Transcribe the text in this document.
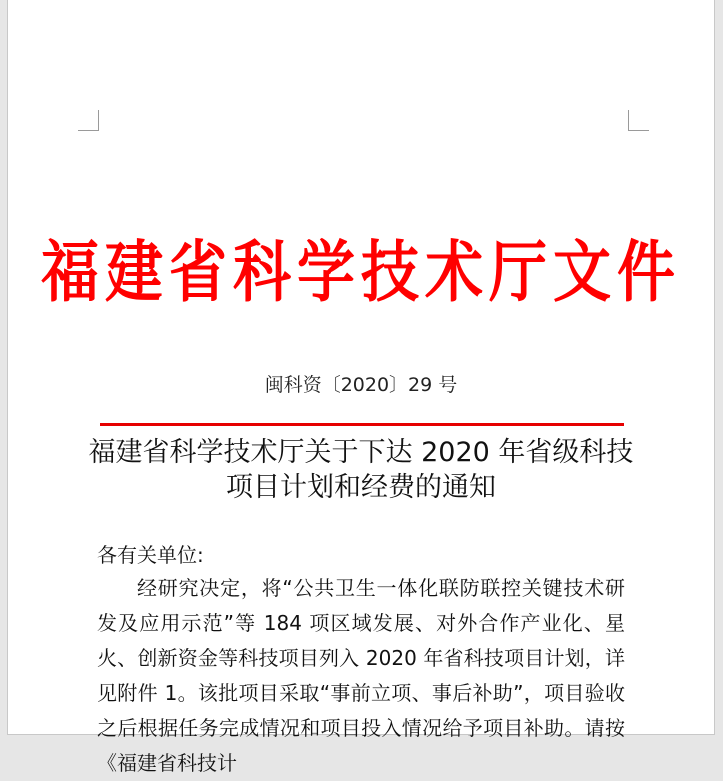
福建省科学技术厅文件
闽科资〔2020〕29 号
福建省科学技术厅关于下达 2020 年省级科技项目计划和经费的通知
各有关单位:
经研究决定，将“公共卫生一体化联防联控关键技术研发及应用示范”等 184 项区域发展、对外合作产业化、星火、创新资金等科技项目列入 2020 年省科技项目计划，详见附件 1。该批项目采取“事前立项、事后补助”，项目验收之后根据任务完成情况和项目投入情况给予项目补助。请按《福建省科技计
